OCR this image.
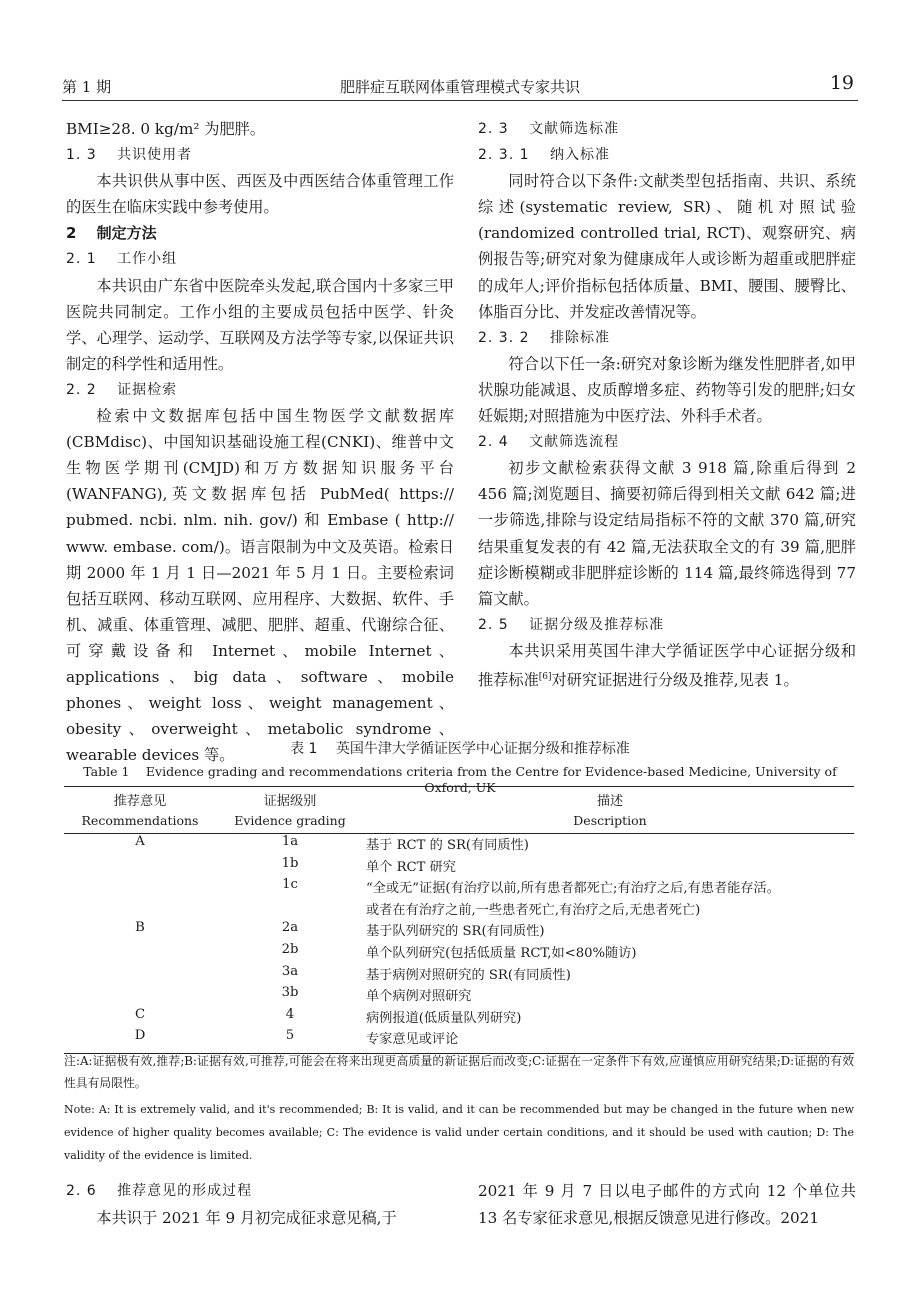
第 1 期	肥胖症互联网体重管理模式专家共识	19

BMI≥28. 0 kg/m² 为肥胖。

1. 3　 共识使用者

本共识供从事中医、西医及中西医结合体重管理工作的医生在临床实践中参考使用。

2　 制定方法

2. 1　 工作小组

本共识由广东省中医院牵头发起,联合国内十多家三甲医院共同制定。工作小组的主要成员包括中医学、针灸学、心理学、运动学、互联网及方法学等专家,以保证共识制定的科学性和适用性。

2. 2　 证据检索

检索中文数据库包括中国生物医学文献数据库(CBMdisc)、中国知识基础设施工程(CNKI)、维普中文生物医学期刊(CMJD)和万方数据知识服务平台(WANFANG),英文数据库包括 PubMed( https:// pubmed. ncbi. nlm. nih. gov/) 和 Embase ( http:// www. embase. com/)。语言限制为中文及英语。检索日期 2000 年 1 月 1 日—2021 年 5 月 1 日。主要检索词包括互联网、移动互联网、应用程序、大数据、软件、手机、减重、体重管理、减肥、肥胖、超重、代谢综合征、可穿戴设备和 Internet、mobile Internet、applications、big data、software、mobile phones、weight loss、weight management、obesity、overweight、metabolic syndrome、wearable devices 等。

2. 3　 文献筛选标准

2. 3. 1　 纳入标准

同时符合以下条件:文献类型包括指南、共识、系统综述(systematic review, SR)、随机对照试验(randomized controlled trial, RCT)、观察研究、病例报告等;研究对象为健康成年人或诊断为超重或肥胖症的成年人;评价指标包括体质量、BMI、腰围、腰臀比、体脂百分比、并发症改善情况等。

2. 3. 2　 排除标准

符合以下任一条:研究对象诊断为继发性肥胖者,如甲状腺功能减退、皮质醇增多症、药物等引发的肥胖;妇女妊娠期;对照措施为中医疗法、外科手术者。

2. 4　 文献筛选流程

初步文献检索获得文献 3 918 篇,除重后得到 2 456 篇;浏览题目、摘要初筛后得到相关文献 642 篇;进一步筛选,排除与设定结局指标不符的文献 370 篇,研究结果重复发表的有 42 篇,无法获取全文的有 39 篇,肥胖症诊断模糊或非肥胖症诊断的 114 篇,最终筛选得到 77 篇文献。

2. 5　 证据分级及推荐标准

本共识采用英国牛津大学循证医学中心证据分级和推荐标准[6]对研究证据进行分级及推荐,见表 1。

表 1　 英国牛津大学循证医学中心证据分级和推荐标准
Table 1　 Evidence grading and recommendations criteria from the Centre for Evidence-based Medicine, University of Oxford, UK
推荐意见	证据级别	描述
Recommendations	Evidence grading	Description
A	1a	基于 RCT 的 SR(有同质性)
	1b	单个 RCT 研究
	1c	“全或无”证据(有治疗以前,所有患者都死亡;有治疗之后,有患者能存活。
		或者在有治疗之前,一些患者死亡,有治疗之后,无患者死亡)
B	2a	基于队列研究的 SR(有同质性)
	2b	单个队列研究(包括低质量 RCT,如<80%随访)
	3a	基于病例对照研究的 SR(有同质性)
	3b	单个病例对照研究
C	4	病例报道(低质量队列研究)
D	5	专家意见或评论
注:A:证据极有效,推荐;B:证据有效,可推荐,可能会在将来出现更高质量的新证据后而改变;C:证据在一定条件下有效,应谨慎应用研究结果;D:证据的有效性具有局限性。
Note: A: It is extremely valid, and it's recommended; B: It is valid, and it can be recommended but may be changed in the future when new evidence of higher quality becomes available; C: The evidence is valid under certain conditions, and it should be used with caution; D: The validity of the evidence is limited.

2. 6　 推荐意见的形成过程

本共识于 2021 年 9 月初完成征求意见稿,于

2021 年 9 月 7 日以电子邮件的方式向 12 个单位共 13 名专家征求意见,根据反馈意见进行修改。2021
